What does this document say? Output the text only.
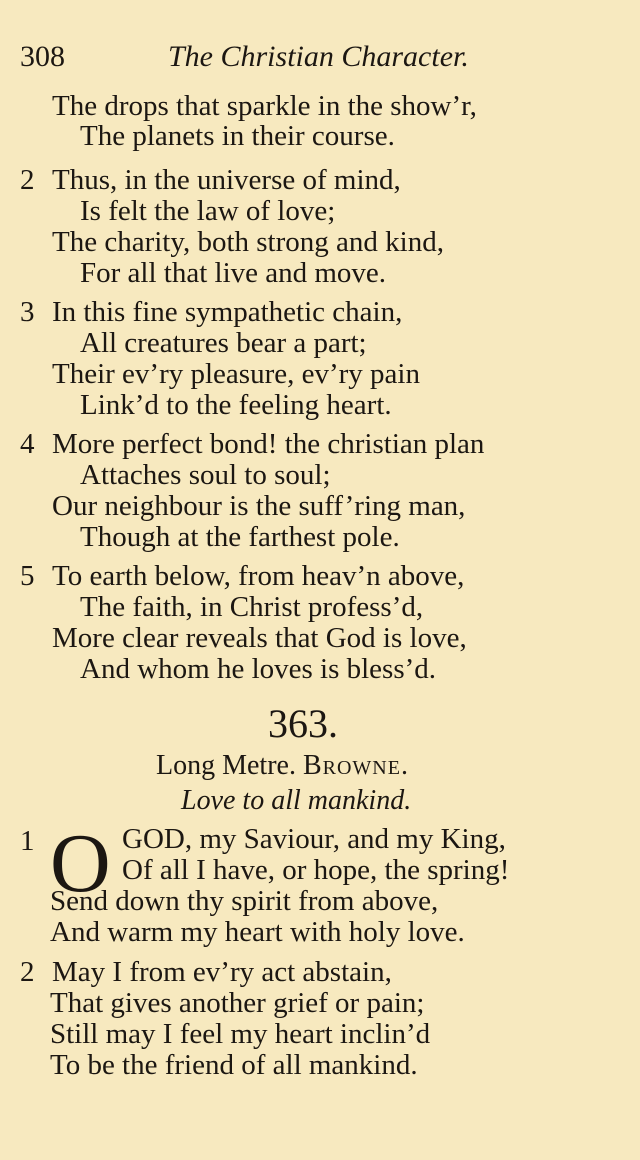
308	The Christian Character.
The drops that sparkle in the show’r,
The planets in their course.
2 Thus, in the universe of mind,
Is felt the law of love;
The charity, both strong and kind,
For all that live and move.
3 In this fine sympathetic chain,
All creatures bear a part;
Their ev’ry pleasure, ev’ry pain
Link’d to the feeling heart.
4 More perfect bond! the christian plan
Attaches soul to soul;
Our neighbour is the suff’ring man,
Though at the farthest pole.
5 To earth below, from heav’n above,
The faith, in Christ profess’d,
More clear reveals that God is love,
And whom he loves is bless’d.
363.
Long Metre. Browne.
Love to all mankind.
1 O GOD, my Saviour, and my King,
Of all I have, or hope, the spring!
Send down thy spirit from above,
And warm my heart with holy love.
2 May I from ev’ry act abstain,
That gives another grief or pain;
Still may I feel my heart inclin’d
To be the friend of all mankind.
